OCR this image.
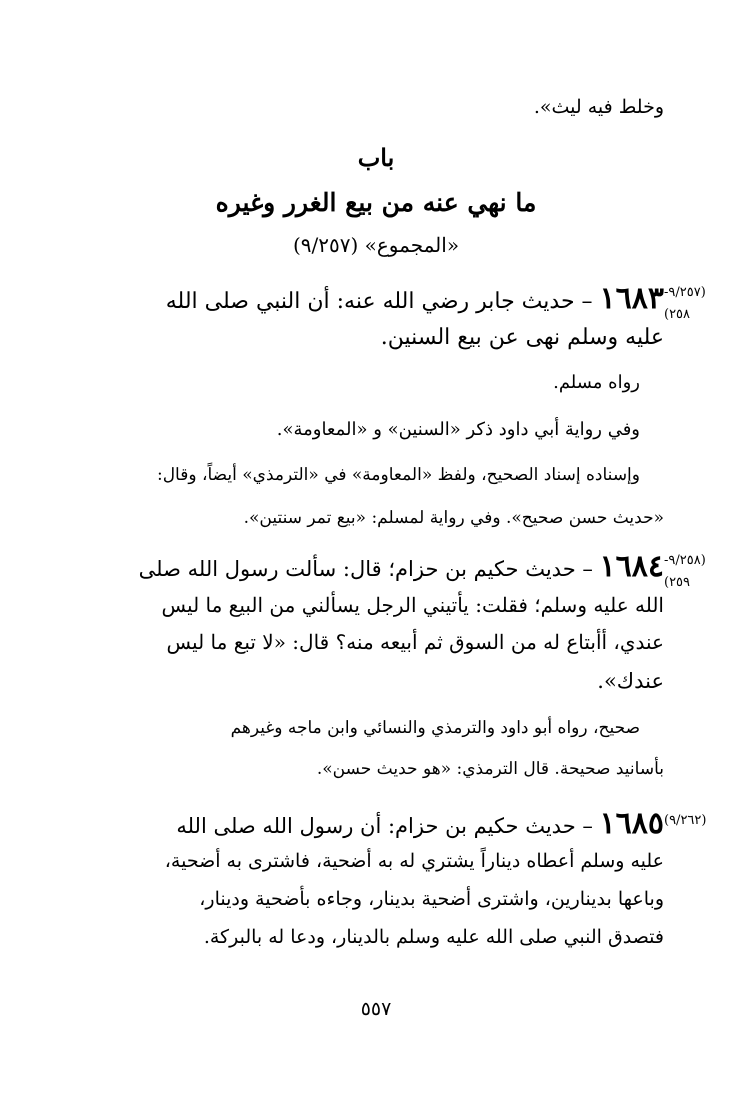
وخلط فيه ليث».
باب
ما نهي عنه من بيع الغرر وغيره
«المجموع» (٩/٢٥٧)
(٩/٢٥٧-
٢٥٨)
١٦٨٣ – حديث جابر رضي الله عنه: أن النبي صلى الله
عليه وسلم نهى عن بيع السنين.
رواه مسلم.
وفي رواية أبي داود ذكر «السنين» و «المعاومة».
وإسناده إسناد الصحيح، ولفظ «المعاومة» في «الترمذي» أيضاً، وقال:
«حديث حسن صحيح». وفي رواية لمسلم: «بيع تمر سنتين».
(٩/٢٥٨-
٢٥٩)
١٦٨٤ – حديث حكيم بن حزام؛ قال: سألت رسول الله صلى
الله عليه وسلم؛ فقلت: يأتيني الرجل يسألني من البيع ما ليس
عندي، أأبتاع له من السوق ثم أبيعه منه؟ قال: «لا تبع ما ليس
عندك».
صحيح، رواه أبو داود والترمذي والنسائي وابن ماجه وغيرهم
بأسانيد صحيحة. قال الترمذي: «هو حديث حسن».
(٩/٢٦٢)
١٦٨٥ – حديث حكيم بن حزام: أن رسول الله صلى الله
عليه وسلم أعطاه ديناراً يشتري له به أضحية، فاشترى به أضحية،
وباعها بدينارين، واشترى أضحية بدينار، وجاءه بأضحية ودينار،
فتصدق النبي صلى الله عليه وسلم بالدينار، ودعا له بالبركة.
٥٥٧
